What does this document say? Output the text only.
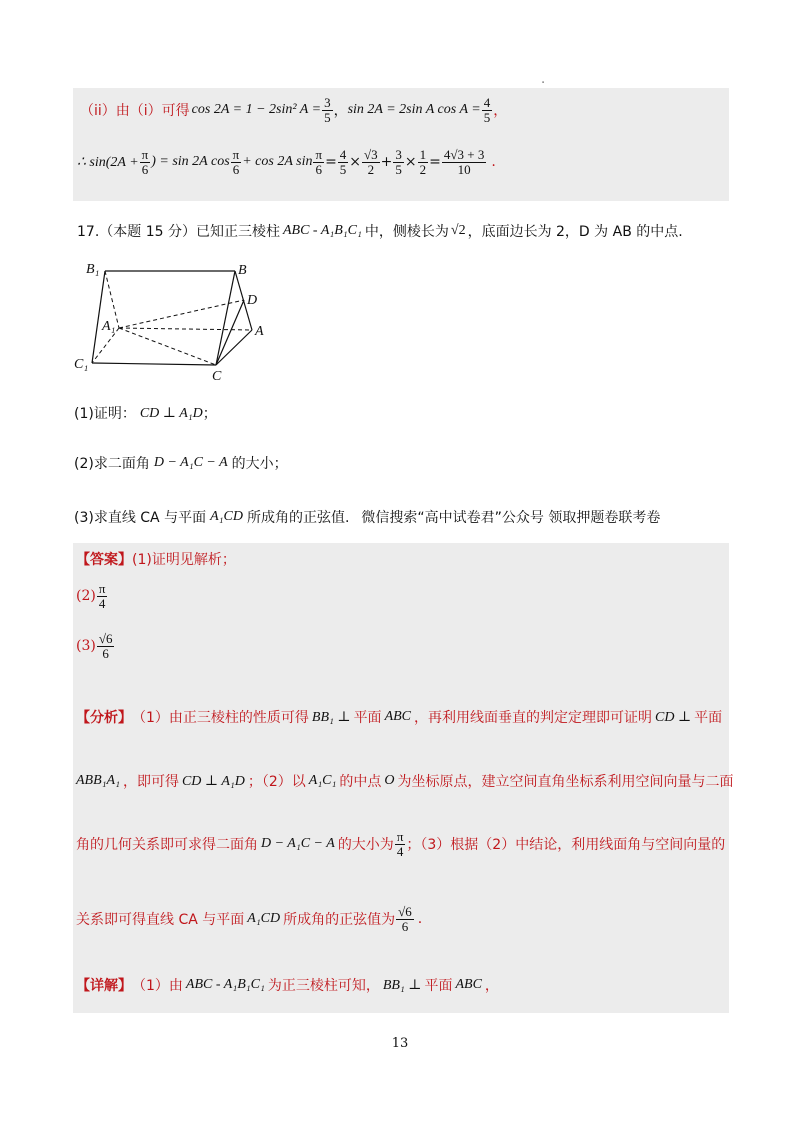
.
（ii）由（i）可得 cos 2A = 1 − 2sin² $A = \frac{3}{5}$ ， sin 2A = 2sin A $\cos A = \frac{4}{5}$ ，
∴ $\sin(2A + \frac{\pi}{6}$ ) = sin 2A $\cos \frac{\pi}{6} + \cos 2A$ $\sin \frac{\pi}{6} = \frac{4}{5} \times \frac{√3}{2} + \frac{3}{5} \times \frac{1}{2} = \frac{4√3 + 3}{10}$ .
17.（本题 15 分）已知正三棱柱 ABC - A₁B₁C₁ 中，侧棱长为 √2 ，底面边长为 2，D 为 AB 的中点.
B₁	B
D
A₁	A
C₁
C
(1)证明： CD ⊥ A₁D ；
(2)求二面角 D − A₁C − A 的大小；
(3)求直线 CA 与平面 A₁CD 所成角的正弦值. 微信搜索“高中试卷君”公众号 领取押题卷联考卷
【答案】 (1)证明见解析；
$(2) \frac{\pi}{4}$
$(3) \frac{√6}{6}$
【分析】 （1）由正三棱柱的性质可得 BB₁ ⊥ 平面 ABC ，再利用线面垂直的判定定理即可证明 CD ⊥ 平面
ABB₁A₁ ，即可得 CD ⊥ A₁D ；（2）以 A₁C₁ 的中点 O 为坐标原点，建立空间直角坐标系利用空间向量与二面
角的几何关系即可求得二面角 D − A₁C − A 的大小为 $\frac{\pi}{4}$ ；（3）根据（2）中结论，利用线面角与空间向量的
关系即可得直线 CA 与平面 A₁CD 所成角的正弦值为 $\frac{√6}{6}$ .
【详解】 （1）由 ABC - A₁B₁C₁ 为正三棱柱可知， BB₁ ⊥ 平面 ABC ，
13
